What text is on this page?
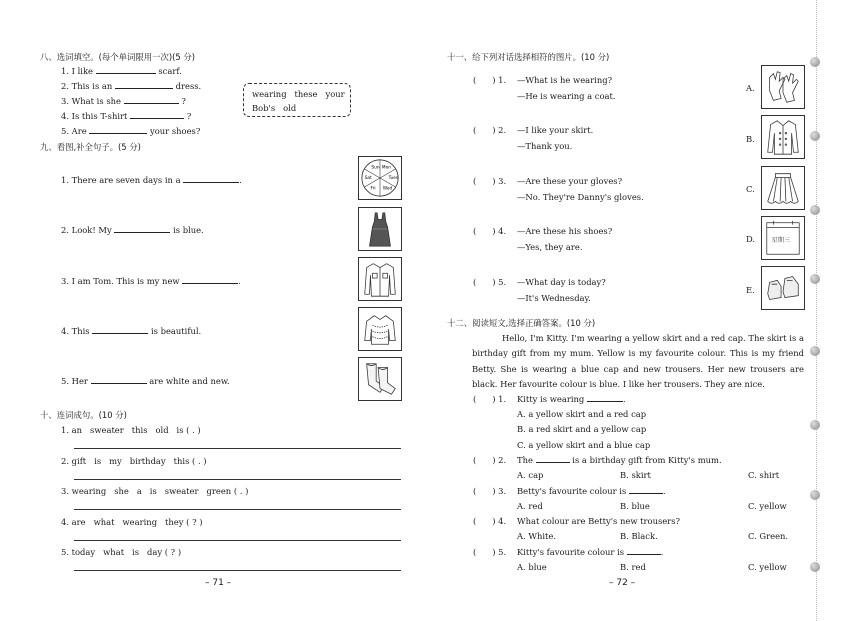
八、选词填空。(每个单词限用一次)(5 分)
1. I like	scarf.
2. This is an	dress.
3. What is she	?
4. Is this T-shirt	?
5. Are	your shoes?
wearing   these   your
Bob's   old
九、看图,补全句子。(5 分)
1. There are seven days in a	.
2. Look! My	is blue.
3. I am Tom. This is my new	.
4. This	is beautiful.
5. Her	are white and new.
Sun Mon
Tues
Wed
Fri
Sat
十、连词成句。(10 分)
1. an   sweater   this   old   is ( . )
2. gift   is   my   birthday   this ( . )
3. wearing   she   a   is   sweater   green ( . )
4. are   what   wearing   they ( ? )
5. today   what   is   day ( ? )
– 71 –
十一、给下列对话选择相符的图片。(10 分)
(      ) 1. —What is he wearing?
—He is wearing a coat.
(      ) 2. —I like your skirt.
—Thank you.
(      ) 3. —Are these your gloves?
—No. They're Danny's gloves.
(      ) 4. —Are these his shoes?
—Yes, they are.
(      ) 5. —What day is today?
—It's Wednesday.
A.
B.
C.
D.
E.
星期三
十二、阅读短文,选择正确答案。(10 分)
Hello, I'm Kitty. I'm wearing a yellow skirt and a red cap. The skirt is a birthday gift from my mum. Yellow is my favourite colour. This is my friend Betty. She is wearing a blue cap and new trousers. Her new trousers are black. Her favourite colour is blue. I like her trousers. They are nice.
(      ) 1. Kitty is wearing	.
A. a yellow skirt and a red cap
B. a red skirt and a yellow cap
C. a yellow skirt and a blue cap
(      ) 2. The	is a birthday gift from Kitty's mum.
A. cap	B. skirt	C. shirt
(      ) 3. Betty's favourite colour is	.
A. red	B. blue	C. yellow
(      ) 4. What colour are Betty's new trousers?
A. White.	B. Black.	C. Green.
(      ) 5. Kitty's favourite colour is	.
A. blue	B. red	C. yellow
– 72 –
